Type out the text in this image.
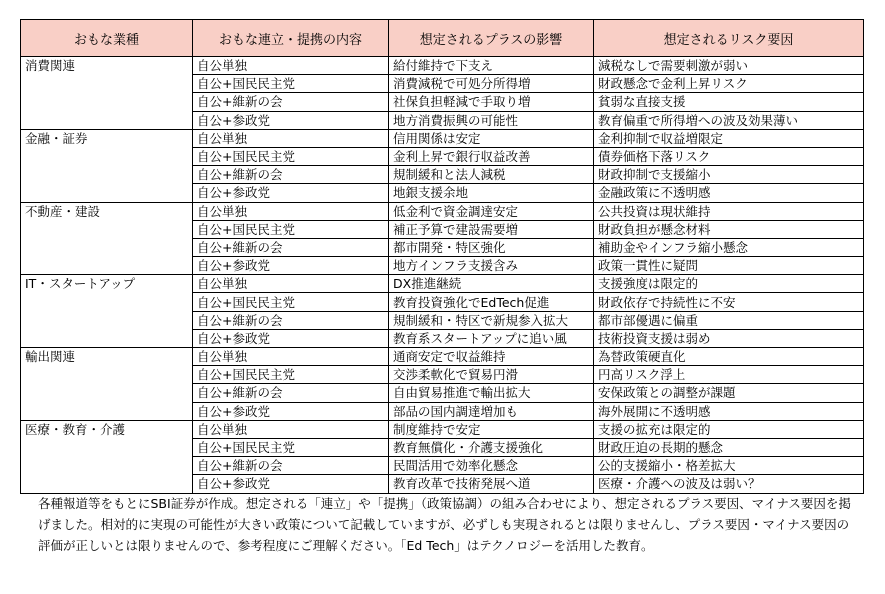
おもな業種	おもな連立・提携の内容	想定されるプラスの影響	想定されるリスク要因
消費関連	自公単独	給付維持で下支え	減税なしで需要刺激が弱い
	自公+国民民主党	消費減税で可処分所得増	財政懸念で金利上昇リスク
	自公+維新の会	社保負担軽減で手取り増	貧弱な直接支援
	自公+参政党	地方消費振興の可能性	教育偏重で所得増への波及効果薄い
金融・証券	自公単独	信用関係は安定	金利抑制で収益増限定
	自公+国民民主党	金利上昇で銀行収益改善	債券価格下落リスク
	自公+維新の会	規制緩和と法人減税	財政抑制で支援縮小
	自公+参政党	地銀支援余地	金融政策に不透明感
不動産・建設	自公単独	低金利で資金調達安定	公共投資は現状維持
	自公+国民民主党	補正予算で建設需要増	財政負担が懸念材料
	自公+維新の会	都市開発・特区強化	補助金やインフラ縮小懸念
	自公+参政党	地方インフラ支援含み	政策一貫性に疑問
IT・スタートアップ	自公単独	DX推進継続	支援強度は限定的
	自公+国民民主党	教育投資強化でEdTech促進	財政依存で持続性に不安
	自公+維新の会	規制緩和・特区で新規参入拡大	都市部優遇に偏重
	自公+参政党	教育系スタートアップに追い風	技術投資支援は弱め
輸出関連	自公単独	通商安定で収益維持	為替政策硬直化
	自公+国民民主党	交渉柔軟化で貿易円滑	円高リスク浮上
	自公+維新の会	自由貿易推進で輸出拡大	安保政策との調整が課題
	自公+参政党	部品の国内調達増加も	海外展開に不透明感
医療・教育・介護	自公単独	制度維持で安定	支援の拡充は限定的
	自公+国民民主党	教育無償化・介護支援強化	財政圧迫の長期的懸念
	自公+維新の会	民間活用で効率化懸念	公的支援縮小・格差拡大
	自公+参政党	教育改革で技術発展へ道	医療・介護への波及は弱い？

各種報道等をもとにSBI証券が作成。想定される「連立」や「提携」（政策協調）の組み合わせにより、想定されるプラス要因、マイナス要因を掲げました。相対的に実現の可能性が大きい政策について記載していますが、必ずしも実現されるとは限りませんし、プラス要因・マイナス要因の評価が正しいとは限りませんので、参考程度にご理解ください。「Ed Tech」はテクノロジーを活用した教育。
